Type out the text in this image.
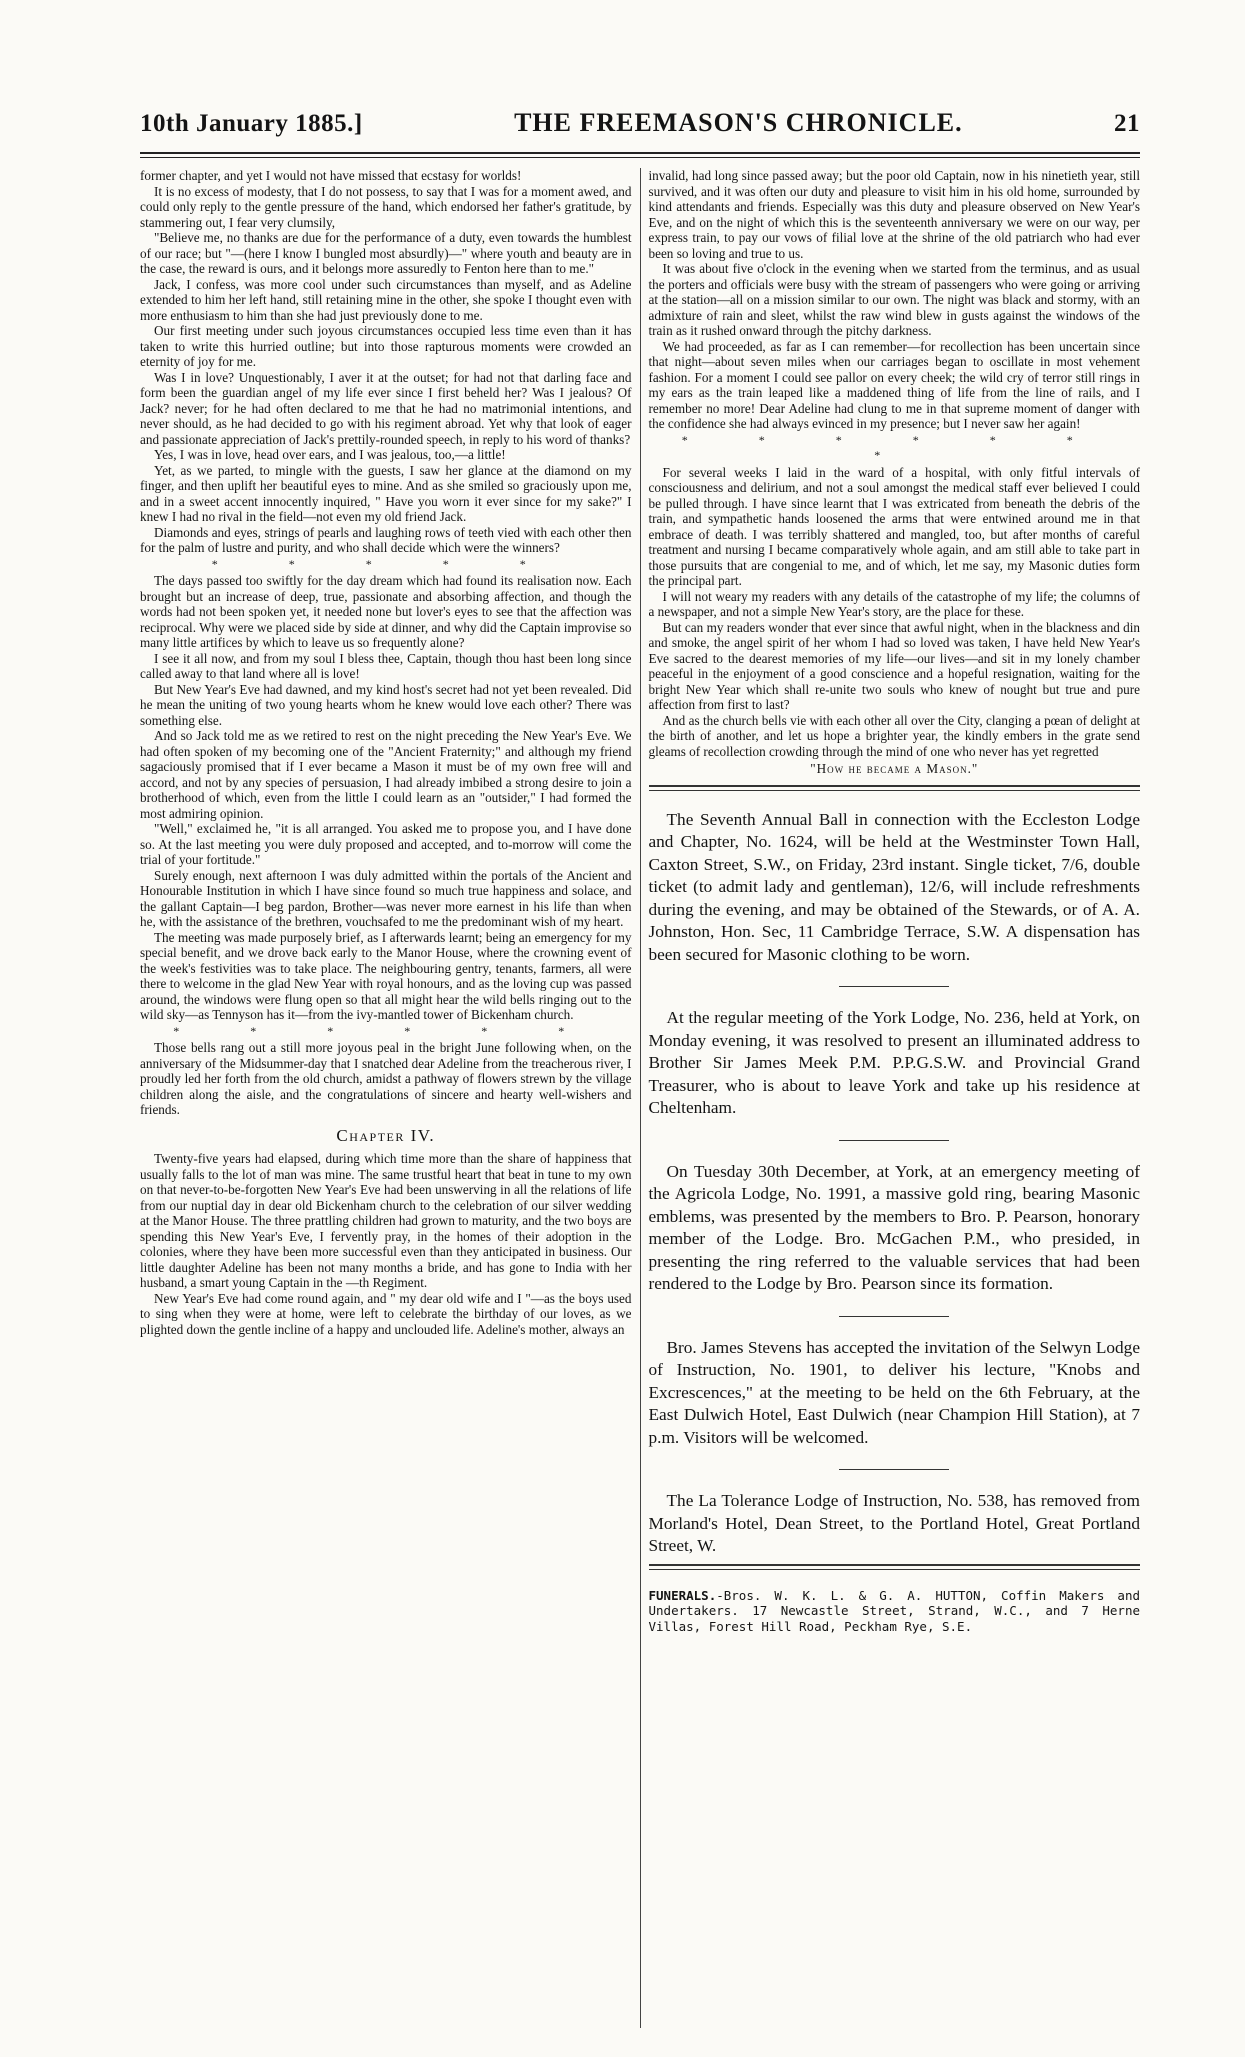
10th January 1885.]	THE FREEMASON'S CHRONICLE.	21

former chapter, and yet I would not have missed that ecstasy for worlds!

It is no excess of modesty, that I do not possess, to say that I was for a moment awed, and could only reply to the gentle pressure of the hand, which endorsed her father's gratitude, by stammering out, I fear very clumsily,

"Believe me, no thanks are due for the performance of a duty, even towards the humblest of our race; but "—(here I know I bungled most absurdly)—" where youth and beauty are in the case, the reward is ours, and it belongs more assuredly to Fenton here than to me."

Jack, I confess, was more cool under such circumstances than myself, and as Adeline extended to him her left hand, still retaining mine in the other, she spoke I thought even with more enthusiasm to him than she had just previously done to me.

Our first meeting under such joyous circumstances occupied less time even than it has taken to write this hurried outline; but into those rapturous moments were crowded an eternity of joy for me.

Was I in love? Unquestionably, I aver it at the outset; for had not that darling face and form been the guardian angel of my life ever since I first beheld her? Was I jealous? Of Jack? never; for he had often declared to me that he had no matrimonial intentions, and never should, as he had decided to go with his regiment abroad. Yet why that look of eager and passionate appreciation of Jack's prettily-rounded speech, in reply to his word of thanks?

Yes, I was in love, head over ears, and I was jealous, too,—a little!

Yet, as we parted, to mingle with the guests, I saw her glance at the diamond on my finger, and then uplift her beautiful eyes to mine. And as she smiled so graciously upon me, and in a sweet accent innocently inquired, " Have you worn it ever since for my sake?" I knew I had no rival in the field—not even my old friend Jack.

Diamonds and eyes, strings of pearls and laughing rows of teeth vied with each other then for the palm of lustre and purity, and who shall decide which were the winners?

* * * * *

The days passed too swiftly for the day dream which had found its realisation now. Each brought but an increase of deep, true, passionate and absorbing affection, and though the words had not been spoken yet, it needed none but lover's eyes to see that the affection was reciprocal. Why were we placed side by side at dinner, and why did the Captain improvise so many little artifices by which to leave us so frequently alone?

I see it all now, and from my soul I bless thee, Captain, though thou hast been long since called away to that land where all is love!

But New Year's Eve had dawned, and my kind host's secret had not yet been revealed. Did he mean the uniting of two young hearts whom he knew would love each other? There was something else.

And so Jack told me as we retired to rest on the night preceding the New Year's Eve. We had often spoken of my becoming one of the "Ancient Fraternity;" and although my friend sagaciously promised that if I ever became a Mason it must be of my own free will and accord, and not by any species of persuasion, I had already imbibed a strong desire to join a brotherhood of which, even from the little I could learn as an "outsider," I had formed the most admiring opinion.

"Well," exclaimed he, "it is all arranged. You asked me to propose you, and I have done so. At the last meeting you were duly proposed and accepted, and to-morrow will come the trial of your fortitude."

Surely enough, next afternoon I was duly admitted within the portals of the Ancient and Honourable Institution in which I have since found so much true happiness and solace, and the gallant Captain—I beg pardon, Brother—was never more earnest in his life than when he, with the assistance of the brethren, vouchsafed to me the predominant wish of my heart.

The meeting was made purposely brief, as I afterwards learnt; being an emergency for my special benefit, and we drove back early to the Manor House, where the crowning event of the week's festivities was to take place. The neighbouring gentry, tenants, farmers, all were there to welcome in the glad New Year with royal honours, and as the loving cup was passed around, the windows were flung open so that all might hear the wild bells ringing out to the wild sky—as Tennyson has it—from the ivy-mantled tower of Bickenham church.

* * * * * *

Those bells rang out a still more joyous peal in the bright June following when, on the anniversary of the Midsummer-day that I snatched dear Adeline from the treacherous river, I proudly led her forth from the old church, amidst a pathway of flowers strewn by the village children along the aisle, and the congratulations of sincere and hearty well-wishers and friends.

Chapter IV.

Twenty-five years had elapsed, during which time more than the share of happiness that usually falls to the lot of man was mine. The same trustful heart that beat in tune to my own on that never-to-be-forgotten New Year's Eve had been unswerving in all the relations of life from our nuptial day in dear old Bickenham church to the celebration of our silver wedding at the Manor House. The three prattling children had grown to maturity, and the two boys are spending this New Year's Eve, I fervently pray, in the homes of their adoption in the colonies, where they have been more successful even than they anticipated in business. Our little daughter Adeline has been not many months a bride, and has gone to India with her husband, a smart young Captain in the —th Regiment.

New Year's Eve had come round again, and " my dear old wife and I "—as the boys used to sing when they were at home, were left to celebrate the birthday of our loves, as we plighted down the gentle incline of a happy and unclouded life. Adeline's mother, always an

invalid, had long since passed away; but the poor old Captain, now in his ninetieth year, still survived, and it was often our duty and pleasure to visit him in his old home, surrounded by kind attendants and friends. Especially was this duty and pleasure observed on New Year's Eve, and on the night of which this is the seventeenth anniversary we were on our way, per express train, to pay our vows of filial love at the shrine of the old patriarch who had ever been so loving and true to us.

It was about five o'clock in the evening when we started from the terminus, and as usual the porters and officials were busy with the stream of passengers who were going or arriving at the station—all on a mission similar to our own. The night was black and stormy, with an admixture of rain and sleet, whilst the raw wind blew in gusts against the windows of the train as it rushed onward through the pitchy darkness.

We had proceeded, as far as I can remember—for recollection has been uncertain since that night—about seven miles when our carriages began to oscillate in most vehement fashion. For a moment I could see pallor on every cheek; the wild cry of terror still rings in my ears as the train leaped like a maddened thing of life from the line of rails, and I remember no more! Dear Adeline had clung to me in that supreme moment of danger with the confidence she had always evinced in my presence; but I never saw her again!

* * * * * * *

For several weeks I laid in the ward of a hospital, with only fitful intervals of consciousness and delirium, and not a soul amongst the medical staff ever believed I could be pulled through. I have since learnt that I was extricated from beneath the debris of the train, and sympathetic hands loosened the arms that were entwined around me in that embrace of death. I was terribly shattered and mangled, too, but after months of careful treatment and nursing I became comparatively whole again, and am still able to take part in those pursuits that are congenial to me, and of which, let me say, my Masonic duties form the principal part.

I will not weary my readers with any details of the catastrophe of my life; the columns of a newspaper, and not a simple New Year's story, are the place for these.

But can my readers wonder that ever since that awful night, when in the blackness and din and smoke, the angel spirit of her whom I had so loved was taken, I have held New Year's Eve sacred to the dearest memories of my life—our lives—and sit in my lonely chamber peaceful in the enjoyment of a good conscience and a hopeful resignation, waiting for the bright New Year which shall re-unite two souls who knew of nought but true and pure affection from first to last?

And as the church bells vie with each other all over the City, clanging a pœan of delight at the birth of another, and let us hope a brighter year, the kindly embers in the grate send gleams of recollection crowding through the mind of one who never has yet regretted

"How he became a Mason."

The Seventh Annual Ball in connection with the Eccleston Lodge and Chapter, No. 1624, will be held at the Westminster Town Hall, Caxton Street, S.W., on Friday, 23rd instant. Single ticket, 7/6, double ticket (to admit lady and gentleman), 12/6, will include refreshments during the evening, and may be obtained of the Stewards, or of A. A. Johnston, Hon. Sec, 11 Cambridge Terrace, S.W. A dispensation has been secured for Masonic clothing to be worn.

At the regular meeting of the York Lodge, No. 236, held at York, on Monday evening, it was resolved to present an illuminated address to Brother Sir James Meek P.M. P.P.G.S.W. and Provincial Grand Treasurer, who is about to leave York and take up his residence at Cheltenham.

On Tuesday 30th December, at York, at an emergency meeting of the Agricola Lodge, No. 1991, a massive gold ring, bearing Masonic emblems, was presented by the members to Bro. P. Pearson, honorary member of the Lodge. Bro. McGachen P.M., who presided, in presenting the ring referred to the valuable services that had been rendered to the Lodge by Bro. Pearson since its formation.

Bro. James Stevens has accepted the invitation of the Selwyn Lodge of Instruction, No. 1901, to deliver his lecture, "Knobs and Excrescences," at the meeting to be held on the 6th February, at the East Dulwich Hotel, East Dulwich (near Champion Hill Station), at 7 p.m. Visitors will be welcomed.

The La Tolerance Lodge of Instruction, No. 538, has removed from Morland's Hotel, Dean Street, to the Portland Hotel, Great Portland Street, W.

FUNERALS.-Bros. W. K. L. & G. A. HUTTON, Coffin Makers and Undertakers. 17 Newcastle Street, Strand, W.C., and 7 Herne Villas, Forest Hill Road, Peckham Rye, S.E.
